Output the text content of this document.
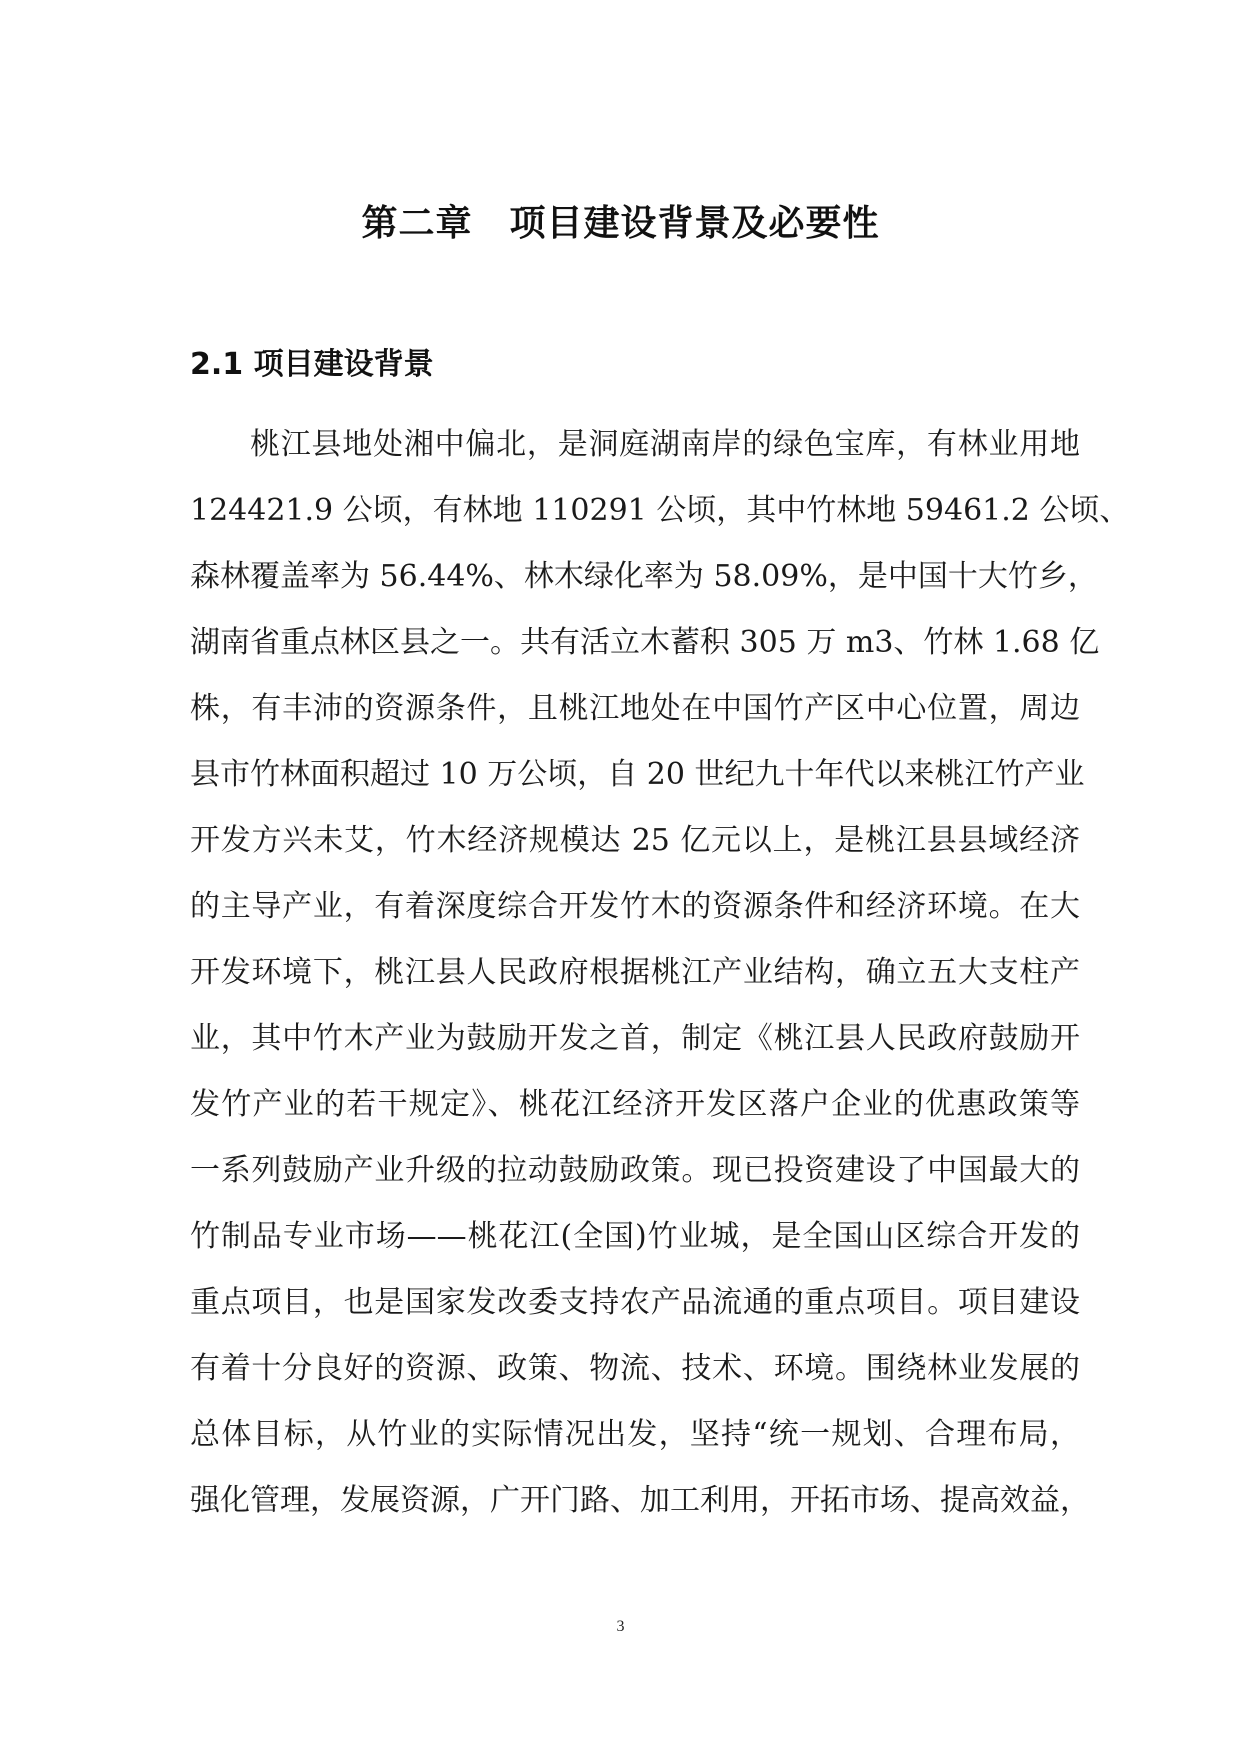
第二章　项目建设背景及必要性
2.1 项目建设背景
桃江县地处湘中偏北，是洞庭湖南岸的绿色宝库，有林业用地
124421.9 公顷，有林地 110291 公顷，其中竹林地 59461.2 公顷、
森林覆盖率为 56.44%、林木绿化率为 58.09%，是中国十大竹乡，
湖南省重点林区县之一。共有活立木蓄积 305 万 m3、竹林 1.68 亿
株，有丰沛的资源条件，且桃江地处在中国竹产区中心位置，周边
县市竹林面积超过 10 万公顷，自 20 世纪九十年代以来桃江竹产业
开发方兴未艾，竹木经济规模达 25 亿元以上，是桃江县县域经济
的主导产业，有着深度综合开发竹木的资源条件和经济环境。在大
开发环境下，桃江县人民政府根据桃江产业结构，确立五大支柱产
业，其中竹木产业为鼓励开发之首，制定《桃江县人民政府鼓励开
发竹产业的若干规定》、桃花江经济开发区落户企业的优惠政策等
一系列鼓励产业升级的拉动鼓励政策。现已投资建设了中国最大的
竹制品专业市场——桃花江(全国)竹业城，是全国山区综合开发的
重点项目，也是国家发改委支持农产品流通的重点项目。项目建设
有着十分良好的资源、政策、物流、技术、环境。围绕林业发展的
总体目标，从竹业的实际情况出发，坚持“统一规划、合理布局，
强化管理，发展资源，广开门路、加工利用，开拓市场、提高效益，
3
